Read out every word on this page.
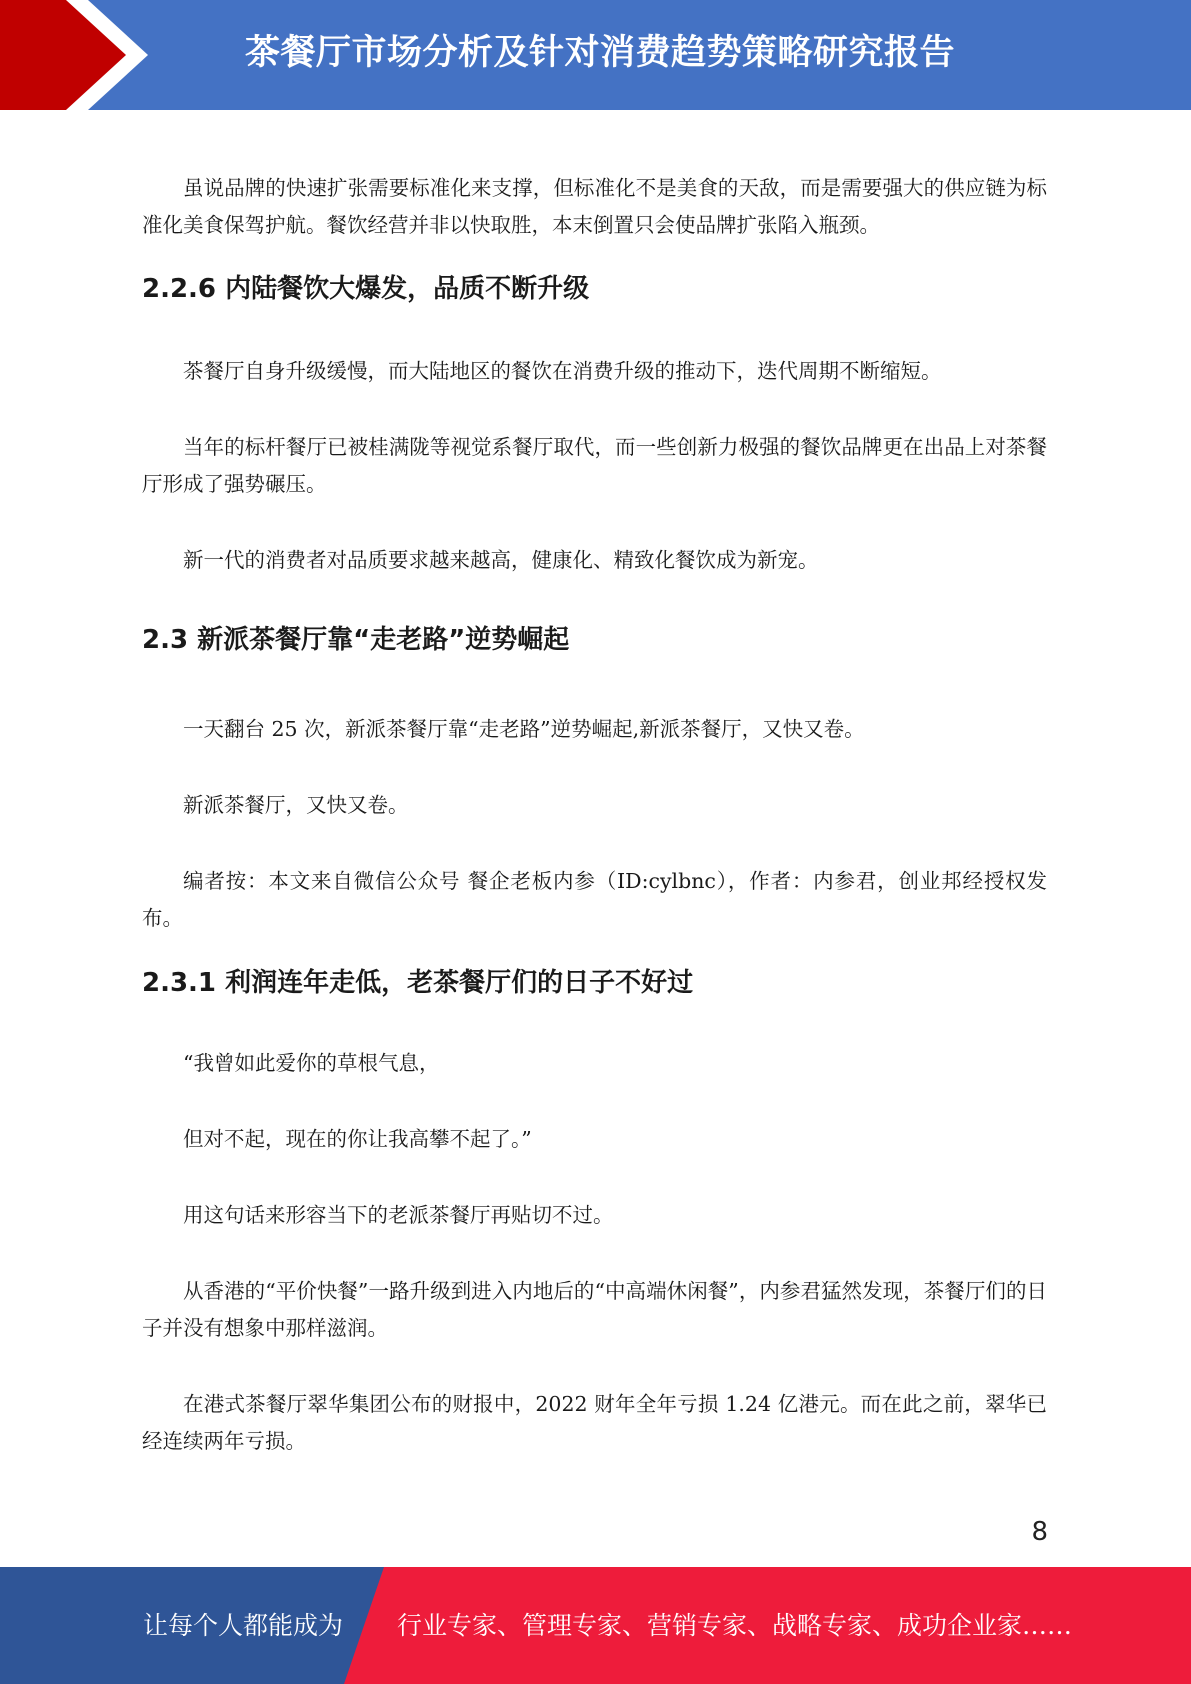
茶餐厅市场分析及针对消费趋势策略研究报告

虽说品牌的快速扩张需要标准化来支撑，但标准化不是美食的天敌，而是需要强大的供应链为标准化美食保驾护航。餐饮经营并非以快取胜，本末倒置只会使品牌扩张陷入瓶颈。

2.2.6 内陆餐饮大爆发，品质不断升级

茶餐厅自身升级缓慢，而大陆地区的餐饮在消费升级的推动下，迭代周期不断缩短。

当年的标杆餐厅已被桂满陇等视觉系餐厅取代，而一些创新力极强的餐饮品牌更在出品上对茶餐厅形成了强势碾压。

新一代的消费者对品质要求越来越高，健康化、精致化餐饮成为新宠。

2.3 新派茶餐厅靠“走老路”逆势崛起

一天翻台 25 次，新派茶餐厅靠“走老路”逆势崛起,新派茶餐厅，又快又卷。

新派茶餐厅，又快又卷。

编者按：本文来自微信公众号 餐企老板内参（ID:cylbnc），作者：内参君，创业邦经授权发布。

2.3.1 利润连年走低，老茶餐厅们的日子不好过

“我曾如此爱你的草根气息，

但对不起，现在的你让我高攀不起了。”

用这句话来形容当下的老派茶餐厅再贴切不过。

从香港的“平价快餐”一路升级到进入内地后的“中高端休闲餐”，内参君猛然发现，茶餐厅们的日子并没有想象中那样滋润。

在港式茶餐厅翠华集团公布的财报中，2022 财年全年亏损 1.24 亿港元。而在此之前，翠华已经连续两年亏损。

8
让每个人都能成为 行业专家、管理专家、营销专家、战略专家、成功企业家……
